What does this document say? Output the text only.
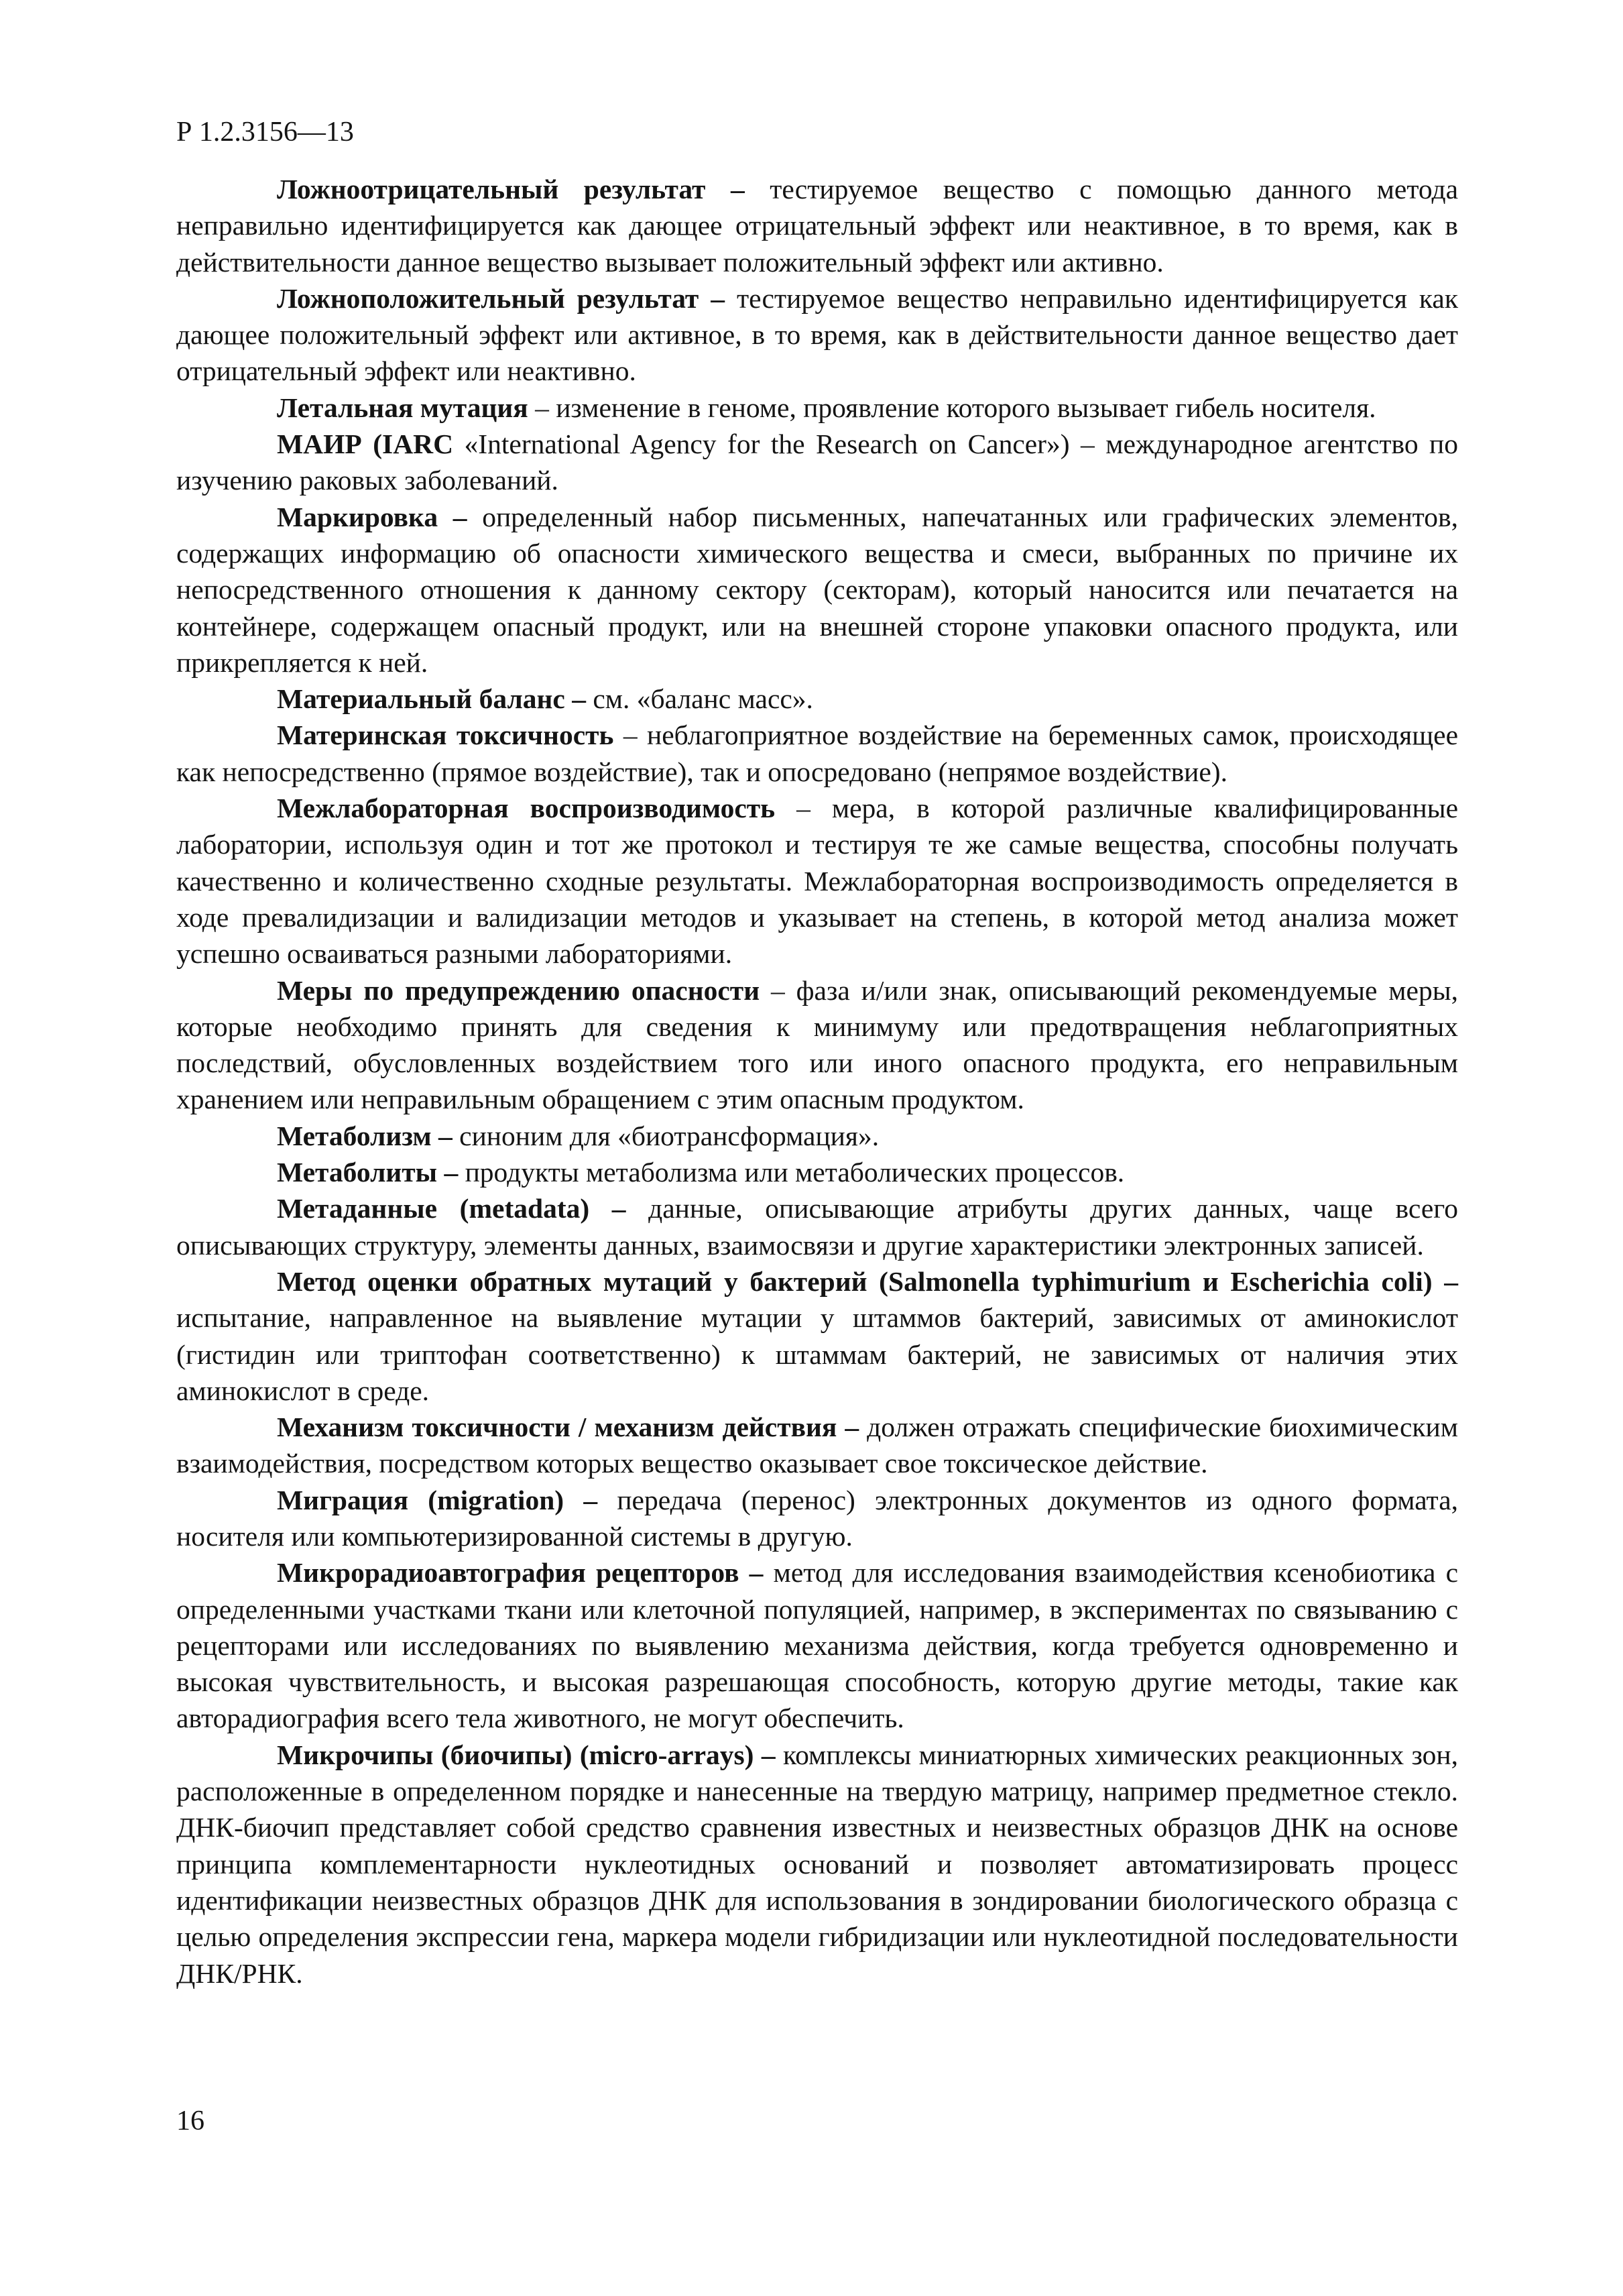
Р 1.2.3156—13

Ложноотрицательный результат – тестируемое вещество с помощью данного метода неправильно идентифицируется как дающее отрицательный эффект или неактивное, в то время, как в действительности данное вещество вызывает положительный эффект или активно.

Ложноположительный результат – тестируемое вещество неправильно идентифицируется как дающее положительный эффект или активное, в то время, как в действительности данное вещество дает отрицательный эффект или неактивно.

Летальная мутация – изменение в геноме, проявление которого вызывает гибель носителя.

МАИР (IARC «International Agency for the Research on Cancer») – международное агентство по изучению раковых заболеваний.

Маркировка – определенный набор письменных, напечатанных или графических элементов, содержащих информацию об опасности химического вещества и смеси, выбранных по причине их непосредственного отношения к данному сектору (секторам), который наносится или печатается на контейнере, содержащем опасный продукт, или на внешней стороне упаковки опасного продукта, или прикрепляется к ней.

Материальный баланс – см. «баланс масс».

Материнская токсичность – неблагоприятное воздействие на беременных самок, происходящее как непосредственно (прямое воздействие), так и опосредовано (непрямое воздействие).

Межлабораторная воспроизводимость – мера, в которой различные квалифицированные лаборатории, используя один и тот же протокол и тестируя те же самые вещества, способны получать качественно и количественно сходные результаты. Межлабораторная воспроизводимость определяется в ходе превалидизации и валидизации методов и указывает на степень, в которой метод анализа может успешно осваиваться разными лабораториями.

Меры по предупреждению опасности – фаза и/или знак, описывающий рекомендуемые меры, которые необходимо принять для сведения к минимуму или предотвращения неблагоприятных последствий, обусловленных воздействием того или иного опасного продукта, его неправильным хранением или неправильным обращением с этим опасным продуктом.

Метаболизм – синоним для «биотрансформация».

Метаболиты – продукты метаболизма или метаболических процессов.

Метаданные (metadata) – данные, описывающие атрибуты других данных, чаще всего описывающих структуру, элементы данных, взаимосвязи и другие характеристики электронных записей.

Метод оценки обратных мутаций у бактерий (Salmonella typhimurium и Escherichia coli) – испытание, направленное на выявление мутации у штаммов бактерий, зависимых от аминокислот (гистидин или триптофан соответственно) к штаммам бактерий, не зависимых от наличия этих аминокислот в среде.

Механизм токсичности / механизм действия – должен отражать специфические биохимическим взаимодействия, посредством которых вещество оказывает свое токсическое действие.

Миграция (migration) – передача (перенос) электронных документов из одного формата, носителя или компьютеризированной системы в другую.

Микрорадиоавтография рецепторов – метод для исследования взаимодействия ксенобиотика с определенными участками ткани или клеточной популяцией, например, в экспериментах по связыванию с рецепторами или исследованиях по выявлению механизма действия, когда требуется одновременно и высокая чувствительность, и высокая разрешающая способность, которую другие методы, такие как авторадиография всего тела животного, не могут обеспечить.

Микрочипы (биочипы) (micro-arrays) – комплексы миниатюрных химических реакционных зон, расположенные в определенном порядке и нанесенные на твердую матрицу, например предметное стекло. ДНК-биочип представляет собой средство сравнения известных и неизвестных образцов ДНК на основе принципа комплементарности нуклеотидных оснований и позволяет автоматизировать процесс идентификации неизвестных образцов ДНК для использования в зондировании биологического образца с целью определения экспрессии гена, маркера модели гибридизации или нуклеотидной последовательности ДНК/РНК.

16
